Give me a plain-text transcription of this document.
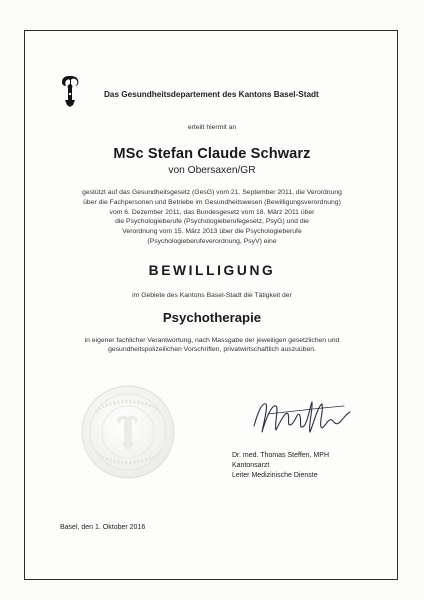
Das Gesundheitsdepartement des Kantons Basel-Stadt
erteilt hiermit an
MSc Stefan Claude Schwarz
von Obersaxen/GR
gestützt auf das Gesundheitsgesetz (GesG) vom 21. September 2011, die Verordnung
über die Fachpersonen und Betriebe im Gesundheitswesen (Bewilligungsverordnung)
vom 6. Dezember 2011, das Bundesgesetz vom 18. März 2011 über
die Psychologieberufe (Psychologieberufegesetz, PsyG) und die
Verordnung vom 15. März 2013 über die Psychologieberufe
(Psychologieberufeverordnung, PsyV) eine
BEWILLIGUNG
im Gebiete des Kantons Basel-Stadt die Tätigkeit der
Psychotherapie
in eigener fachlicher Verantwortung, nach Massgabe der jeweiligen gesetzlichen und
gesundheitspolizeilichen Vorschriften, privatwirtschaftlich auszuüben.
Dr. med. Thomas Steffen, MPH
Kantonsarzt
Leiter Medizinische Dienste
Basel, den 1. Oktober 2016
